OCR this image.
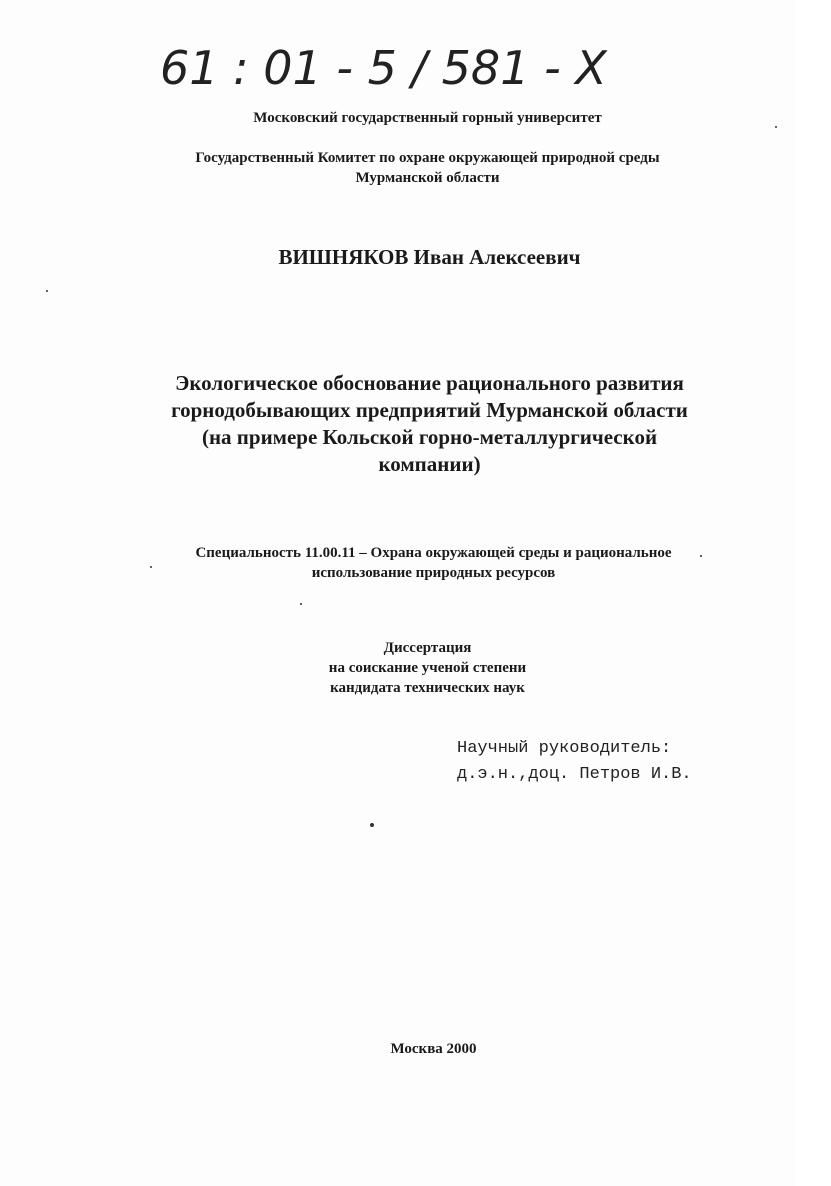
61 : 01 - 5 / 581 - X
Московский государственный горный университет
Государственный Комитет по охране окружающей природной среды
Мурманской области
ВИШНЯКОВ Иван Алексеевич
Экологическое обоснование рационального развития
горнодобывающих предприятий Мурманской области
(на примере Кольской горно-металлургической
компании)
Специальность 11.00.11 – Охрана окружающей среды и рациональное
использование природных ресурсов
Диссертация
на соискание ученой степени
кандидата технических наук
Научный руководитель:
д.э.н.,доц. Петров И.В.
Москва 2000
